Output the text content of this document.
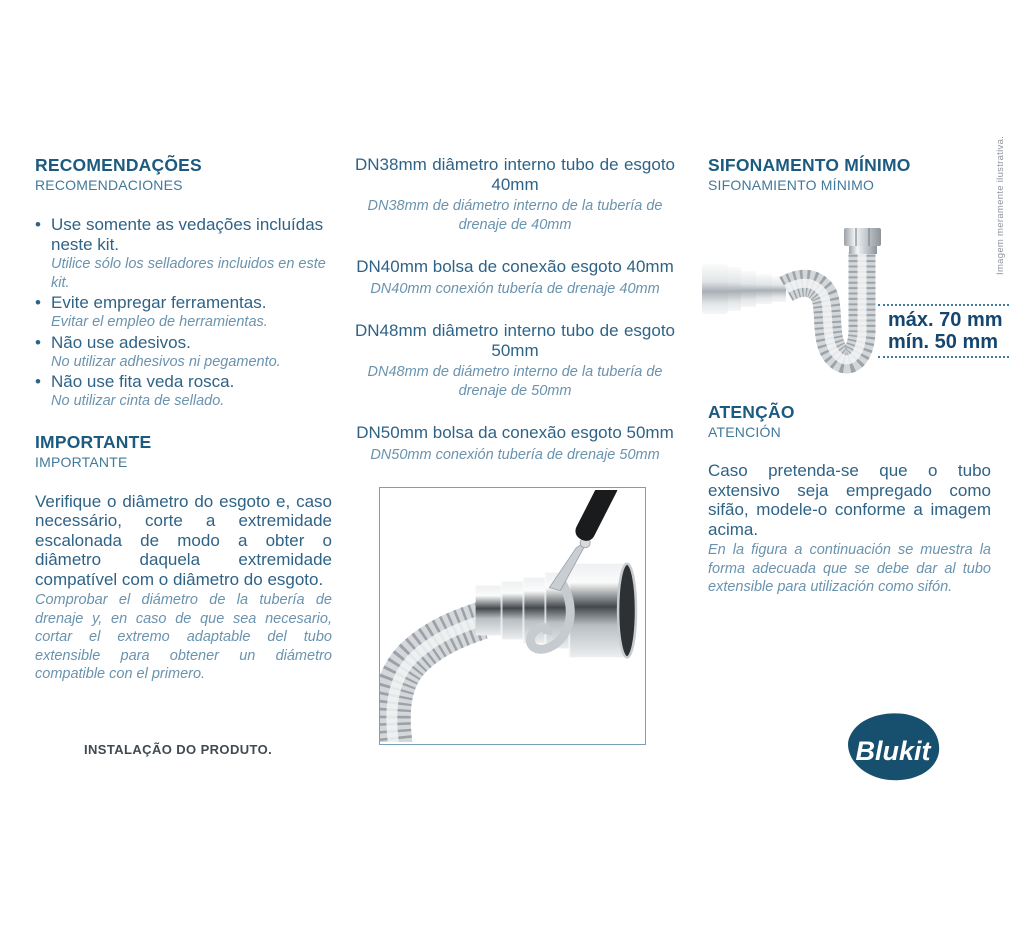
RECOMENDAÇÕES
RECOMENDACIONES
• Use somente as vedações incluídas neste kit.
Utilice sólo los selladores incluidos en este kit.
• Evite empregar ferramentas.
Evitar el empleo de herramientas.
• Não use adesivos.
No utilizar adhesivos ni pegamento.
• Não use fita veda rosca.
No utilizar cinta de sellado.
IMPORTANTE
IMPORTANTE
Verifique o diâmetro do esgoto e, caso necessário, corte a extremidade escalonada de modo a obter o diâmetro daquela extremidade compatível com o diâmetro do esgoto.
Comprobar el diámetro de la tubería de drenaje y, en caso de que sea necesario, cortar el extremo adaptable del tubo extensible para obtener un diámetro compatible con el primero.
INSTALAÇÃO DO PRODUTO.
DN38mm diâmetro interno tubo de esgoto 40mm
DN38mm de diámetro interno de la tubería de drenaje de 40mm
DN40mm bolsa de conexão esgoto 40mm
DN40mm conexión tubería de drenaje 40mm
DN48mm diâmetro interno tubo de esgoto 50mm
DN48mm de diámetro interno de la tubería de drenaje de 50mm
DN50mm bolsa da conexão esgoto 50mm
DN50mm conexión tubería de drenaje 50mm
SIFONAMENTO MÍNIMO
SIFONAMIENTO MÍNIMO
máx. 70 mm
mín. 50 mm
ATENÇÃO
ATENCIÓN
Caso pretenda-se que o tubo extensivo seja empregado como sifão, modele-o conforme a imagem acima.
En la figura a continuación se muestra la forma adecuada que se debe dar al tubo extensible para utilización como sifón.
Blukit
Imagem meramente ilustrativa.
